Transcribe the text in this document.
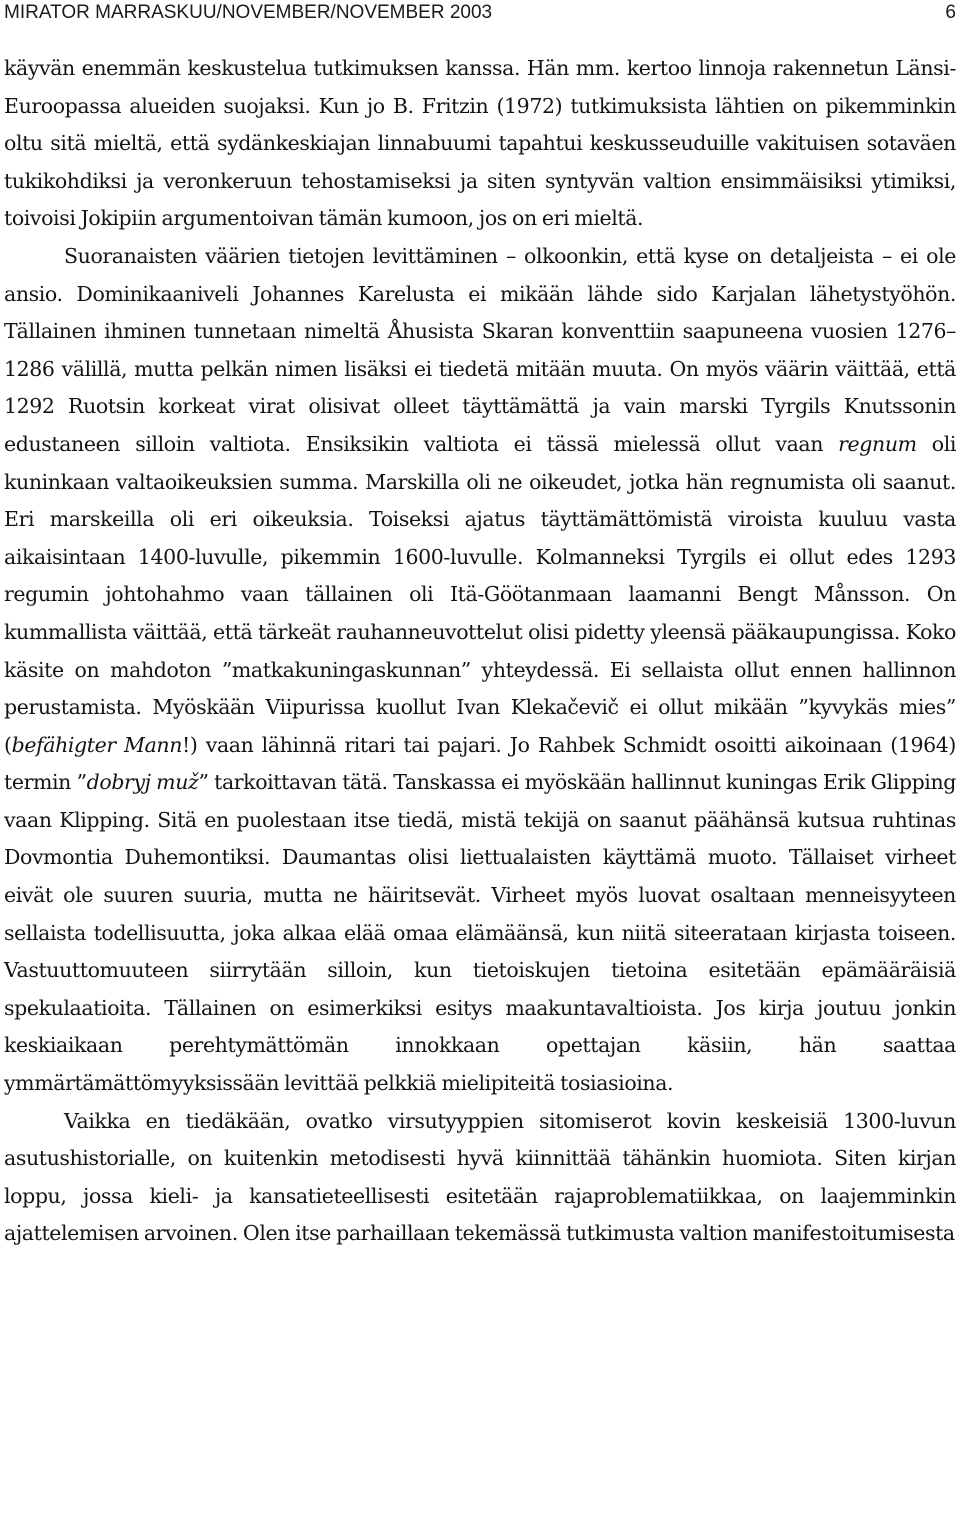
MIRATOR MARRASKUU/NOVEMBER/NOVEMBER 2003	6

käyvän enemmän keskustelua tutkimuksen kanssa. Hän mm. kertoo linnoja rakennetun Länsi-Euroopassa alueiden suojaksi. Kun jo B. Fritzin (1972) tutkimuksista lähtien on pikemminkin oltu sitä mieltä, että sydänkeskiajan linnabuumi tapahtui keskusseuduille vakituisen sotaväen tukikohdiksi ja veronkeruun tehostamiseksi ja siten syntyvän valtion ensimmäisiksi ytimiksi, toivoisi Jokipiin argumentoivan tämän kumoon, jos on eri mieltä.

Suoranaisten väärien tietojen levittäminen – olkoonkin, että kyse on detaljeista – ei ole ansio. Dominikaaniveli Johannes Karelusta ei mikään lähde sido Karjalan lähetystyöhön. Tällainen ihminen tunnetaan nimeltä Åhusista Skaran konventtiin saapuneena vuosien 1276–1286 välillä, mutta pelkän nimen lisäksi ei tiedetä mitään muuta. On myös väärin väittää, että 1292 Ruotsin korkeat virat olisivat olleet täyttämättä ja vain marski Tyrgils Knutssonin edustaneen silloin valtiota. Ensiksikin valtiota ei tässä mielessä ollut vaan regnum oli kuninkaan valtaoikeuksien summa. Marskilla oli ne oikeudet, jotka hän regnumista oli saanut. Eri marskeilla oli eri oikeuksia. Toiseksi ajatus täyttämättömistä viroista kuuluu vasta aikaisintaan 1400-luvulle, pikemmin 1600-luvulle. Kolmanneksi Tyrgils ei ollut edes 1293 regumin johtohahmo vaan tällainen oli Itä-Göötanmaan laamanni Bengt Månsson. On kummallista väittää, että tärkeät rauhanneuvottelut olisi pidetty yleensä pääkaupungissa. Koko käsite on mahdoton ”matkakuningaskunnan” yhteydessä. Ei sellaista ollut ennen hallinnon perustamista. Myöskään Viipurissa kuollut Ivan Klekačevič ei ollut mikään ”kyvykäs mies” (befähigter Mann!) vaan lähinnä ritari tai pajari. Jo Rahbek Schmidt osoitti aikoinaan (1964) termin ”dobryj muž” tarkoittavan tätä. Tanskassa ei myöskään hallinnut kuningas Erik Glipping vaan Klipping. Sitä en puolestaan itse tiedä, mistä tekijä on saanut päähänsä kutsua ruhtinas Dovmontia Duhemontiksi. Daumantas olisi liettualaisten käyttämä muoto. Tällaiset virheet eivät ole suuren suuria, mutta ne häiritsevät. Virheet myös luovat osaltaan menneisyyteen sellaista todellisuutta, joka alkaa elää omaa elämäänsä, kun niitä siteerataan kirjasta toiseen. Vastuuttomuuteen siirrytään silloin, kun tietoiskujen tietoina esitetään epämääräisiä spekulaatioita. Tällainen on esimerkiksi esitys maakuntavaltioista. Jos kirja joutuu jonkin keskiaikaan perehtymättömän innokkaan opettajan käsiin, hän saattaa ymmärtämättömyyksissään levittää pelkkiä mielipiteitä tosiasioina.

Vaikka en tiedäkään, ovatko virsutyyppien sitomiserot kovin keskeisiä 1300-luvun asutushistorialle, on kuitenkin metodisesti hyvä kiinnittää tähänkin huomiota. Siten kirjan loppu, jossa kieli- ja kansatieteellisesti esitetään rajaproblematiikkaa, on laajemminkin ajattelemisen arvoinen. Olen itse parhaillaan tekemässä tutkimusta valtion manifestoitumisesta
